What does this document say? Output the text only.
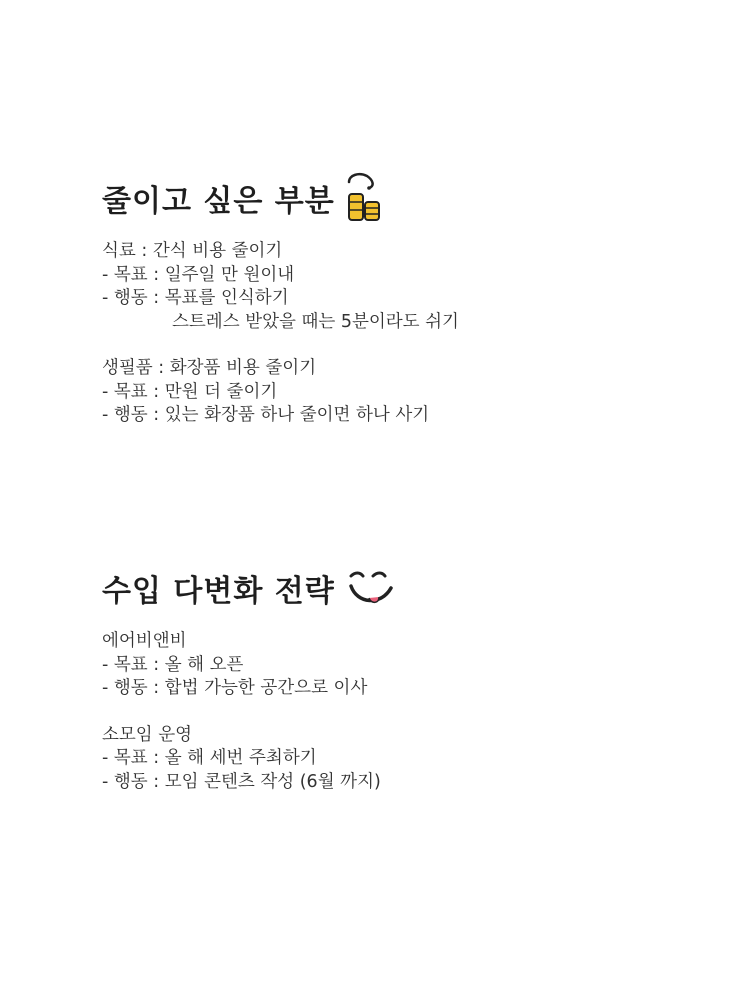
줄이고 싶은 부분
식료 : 간식 비용 줄이기
- 목표 : 일주일 만 원이내
- 행동 : 목표를 인식하기
스트레스 받았을 때는 5분이라도 쉬기
생필품 : 화장품 비용 줄이기
- 목표 : 만원 더 줄이기
- 행동 : 있는 화장품 하나 줄이면 하나 사기
수입 다변화 전략
에어비앤비
- 목표 : 올 해 오픈
- 행동 : 합법 가능한 공간으로 이사
소모임 운영
- 목표 : 올 해 세번 주최하기
- 행동 : 모임 콘텐츠 작성 (6월 까지)
